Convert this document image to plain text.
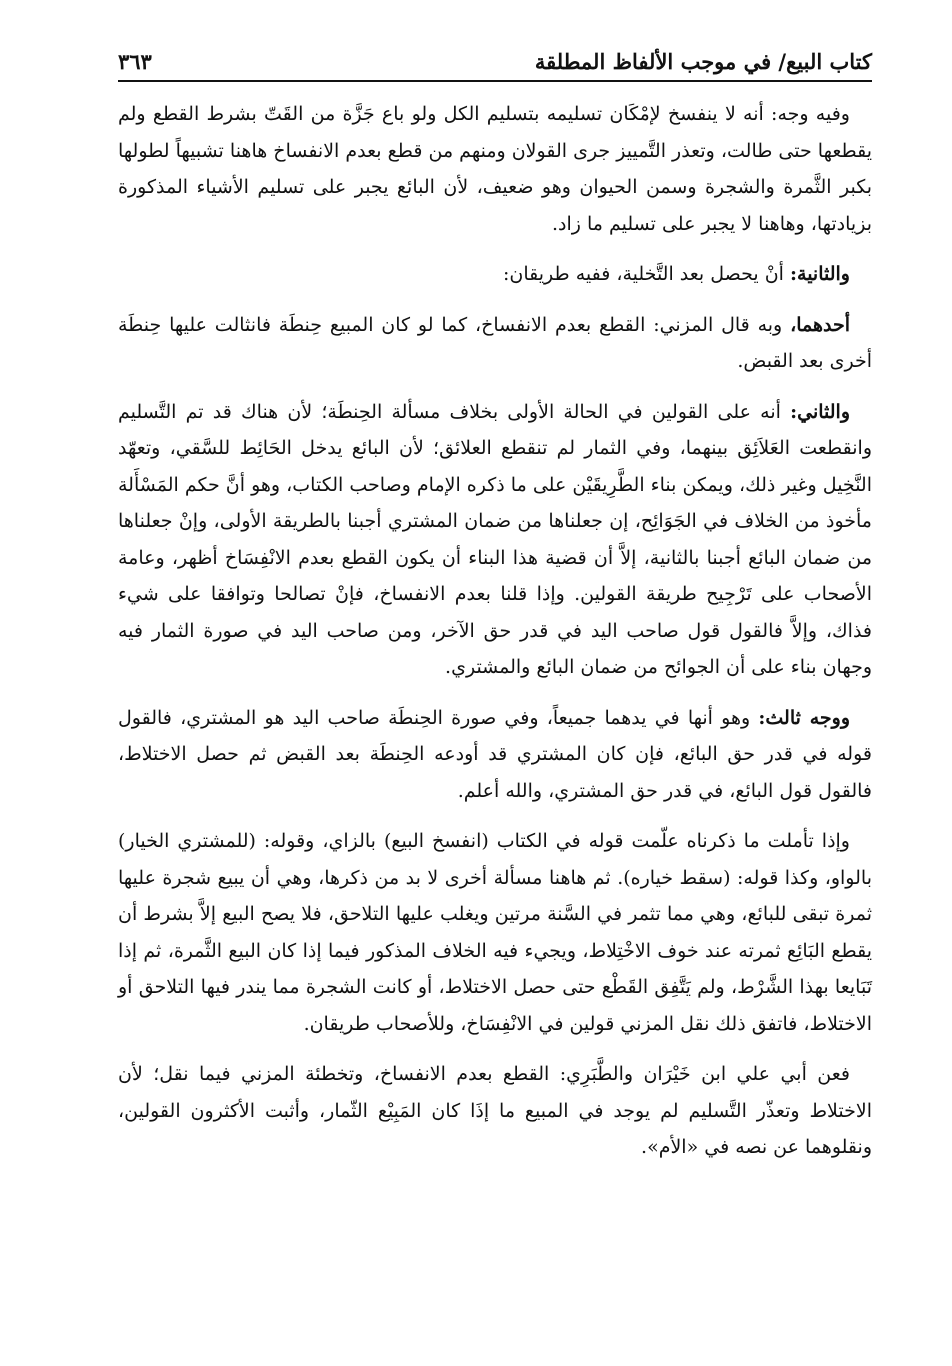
كتاب البيع/ في موجب الألفاظ المطلقة
٣٦٣

وفيه وجه: أنه لا ينفسخ لإمْكَان تسليمه بتسليم الكل ولو باع جَزَّة من القَتّ بشرط القطع ولم يقطعها حتى طالت، وتعذر التَّمييز جرى القولان ومنهم من قطع بعدم الانفساخ هاهنا تشبيهاً لطولها بكبر الثَّمرة والشجرة وسمن الحيوان وهو ضعيف، لأن البائع يجبر على تسليم الأشياء المذكورة بزيادتها، وهاهنا لا يجبر على تسليم ما زاد.

والثانية: أنْ يحصل بعد التَّخلية، ففيه طريقان:

أحدهما، وبه قال المزني: القطع بعدم الانفساخ، كما لو كان المبيع حِنطَة فانثالت عليها حِنطَة أخرى بعد القبض.

والثاني: أنه على القولين في الحالة الأولى بخلاف مسألة الحِنطَة؛ لأن هناك قد تم التَّسليم وانقطعت العَلاَئِق بينهما، وفي الثمار لم تنقطع العلائق؛ لأن البائع يدخل الحَائِط للسَّقي، وتعهّد النَّخِيل وغير ذلك، ويمكن بناء الطَّرِيقَيْن على ما ذكره الإمام وصاحب الكتاب، وهو أنَّ حكم المَسْأَلة مأخوذ من الخلاف في الجَوَائِح، إن جعلناها من ضمان المشتري أجبنا بالطريقة الأولى، وإنْ جعلناها من ضمان البائع أجبنا بالثانية، إلاَّ أن قضية هذا البناء أن يكون القطع بعدم الانْفِسَاخ أظهر، وعامة الأصحاب على تَرْجِيح طريقة القولين. وإذا قلنا بعدم الانفساخ، فإنْ تصالحا وتوافقا على شيء فذاك، وإلاَّ فالقول قول صاحب اليد في قدر حق الآخر، ومن صاحب اليد في صورة الثمار فيه وجهان بناء على أن الجوائح من ضمان البائع والمشتري.

ووجه ثالث: وهو أنها في يدهما جميعاً، وفي صورة الحِنطَة صاحب اليد هو المشتري، فالقول قوله في قدر حق البائع، فإن كان المشتري قد أودعه الحِنطَة بعد القبض ثم حصل الاختلاط، فالقول قول البائع، في قدر حق المشتري، والله أعلم.

وإذا تأملت ما ذكرناه علّمت قوله في الكتاب (انفسخ البيع) بالزاي، وقوله: (للمشتري الخيار) بالواو، وكذا قوله: (سقط خياره). ثم هاهنا مسألة أخرى لا بد من ذكرها، وهي أن يبيع شجرة عليها ثمرة تبقى للبائع، وهي مما تثمر في السَّنة مرتين ويغلب عليها التلاحق، فلا يصح البيع إلاَّ بشرط أن يقطع البَائِع ثمرته عند خوف الاخْتِلاط، ويجيء فيه الخلاف المذكور فيما إذا كان البيع الثَّمرة، ثم إذا تَبَايعا بهذا الشَّرْط، ولم يَتَّفِق القَطْع حتى حصل الاختلاط، أو كانت الشجرة مما يندر فيها التلاحق أو الاختلاط، فاتفق ذلك نقل المزني قولين في الانْفِسَاخ، وللأصحاب طريقان.

فعن أبي علي ابن خَيْرَان والطَّبَرِي: القطع بعدم الانفساخ، وتخطئة المزني فيما نقل؛ لأن الاختلاط وتعذّر التَّسليم لم يوجد في المبيع ما إذَا كان المَبِيْع الثّمار، وأثبت الأكثرون القولين، ونقلوهما عن نصه في «الأم».
